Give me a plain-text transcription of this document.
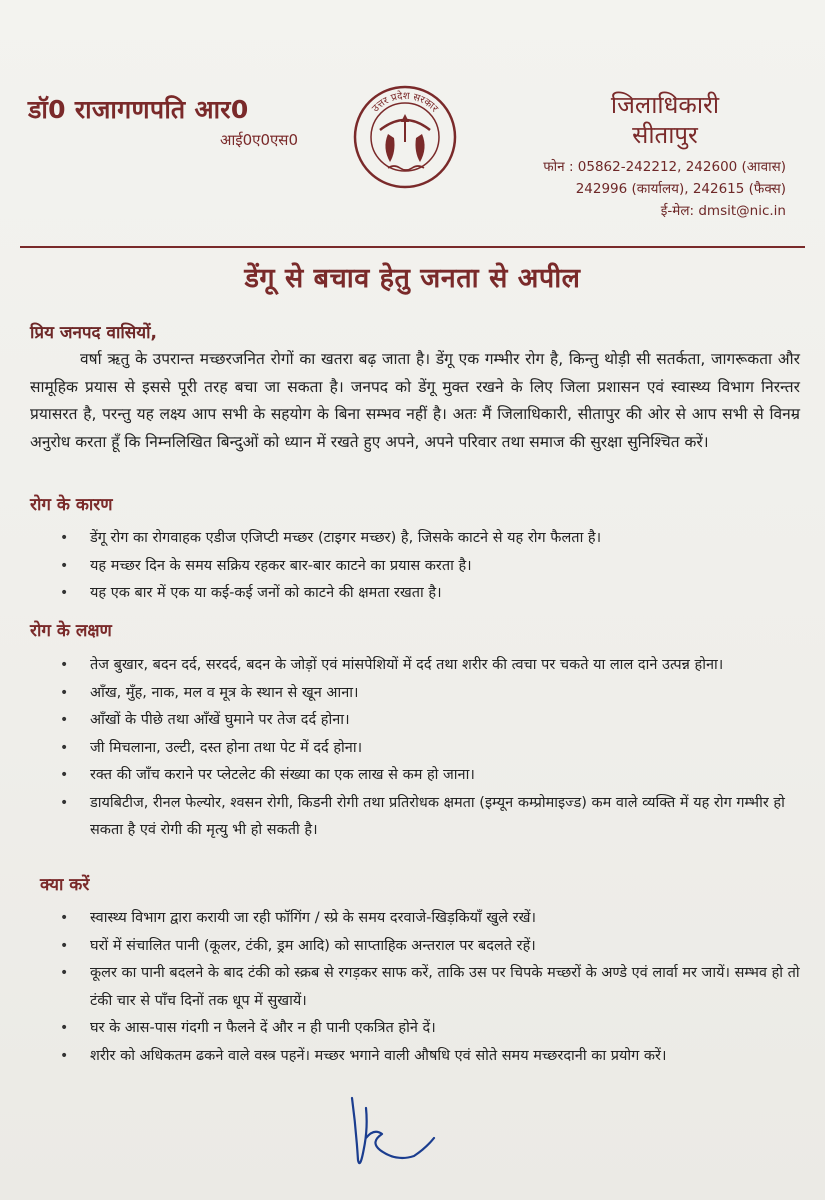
डॉ0 राजागणपति आर0
आई0ए0एस0
उत्तर प्रदेश सरकार	जिलाधिकारी
सीतापुर
फोन : 05862-242212, 242600 (आवास)
242996 (कार्यालय), 242615 (फैक्स)
ई-मेल: dmsit@nic.in
डेंगू से बचाव हेतु जनता से अपील
प्रिय जनपद वासियों,
वर्षा ऋतु के उपरान्त मच्छरजनित रोगों का खतरा बढ़ जाता है। डेंगू एक गम्भीर रोग है, किन्तु थोड़ी सी सतर्कता, जागरूकता और सामूहिक प्रयास से इससे पूरी तरह बचा जा सकता है। जनपद को डेंगू मुक्त रखने के लिए जिला प्रशासन एवं स्वास्थ्य विभाग निरन्तर प्रयासरत है, परन्तु यह लक्ष्य आप सभी के सहयोग के बिना सम्भव नहीं है। अतः मैं जिलाधिकारी, सीतापुर की ओर से आप सभी से विनम्र अनुरोध करता हूँ कि निम्नलिखित बिन्दुओं को ध्यान में रखते हुए अपने, अपने परिवार तथा समाज की सुरक्षा सुनिश्चित करें।
रोग के कारण
• डेंगू रोग का रोगवाहक एडीज एजिप्टी मच्छर (टाइगर मच्छर) है, जिसके काटने से यह रोग फैलता है।
• यह मच्छर दिन के समय सक्रिय रहकर बार-बार काटने का प्रयास करता है।
• यह एक बार में एक या कई-कई जनों को काटने की क्षमता रखता है।
रोग के लक्षण
• तेज बुखार, बदन दर्द, सरदर्द, बदन के जोड़ों एवं मांसपेशियों में दर्द तथा शरीर की त्वचा पर चकते या लाल दाने उत्पन्न होना।
• आँख, मुँह, नाक, मल व मूत्र के स्थान से खून आना।
• आँखों के पीछे तथा आँखें घुमाने पर तेज दर्द होना।
• जी मिचलाना, उल्टी, दस्त होना तथा पेट में दर्द होना।
• रक्त की जाँच कराने पर प्लेटलेट की संख्या का एक लाख से कम हो जाना।
• डायबिटीज, रीनल फेल्योर, श्वसन रोगी, किडनी रोगी तथा प्रतिरोधक क्षमता (इम्यून कम्प्रोमाइज्ड) कम वाले व्यक्ति में यह रोग गम्भीर हो सकता है एवं रोगी की मृत्यु भी हो सकती है।
क्या करें
• स्वास्थ्य विभाग द्वारा करायी जा रही फॉगिंग / स्प्रे के समय दरवाजे-खिड़कियाँ खुले रखें।
• घरों में संचालित पानी (कूलर, टंकी, ड्रम आदि) को साप्ताहिक अन्तराल पर बदलते रहें।
• कूलर का पानी बदलने के बाद टंकी को स्क्रब से रगड़कर साफ करें, ताकि उस पर चिपके मच्छरों के अण्डे एवं लार्वा मर जायें। सम्भव हो तो टंकी चार से पाँच दिनों तक धूप में सुखायें।
• घर के आस-पास गंदगी न फैलने दें और न ही पानी एकत्रित होने दें।
• शरीर को अधिकतम ढकने वाले वस्त्र पहनें। मच्छर भगाने वाली औषधि एवं सोते समय मच्छरदानी का प्रयोग करें।
